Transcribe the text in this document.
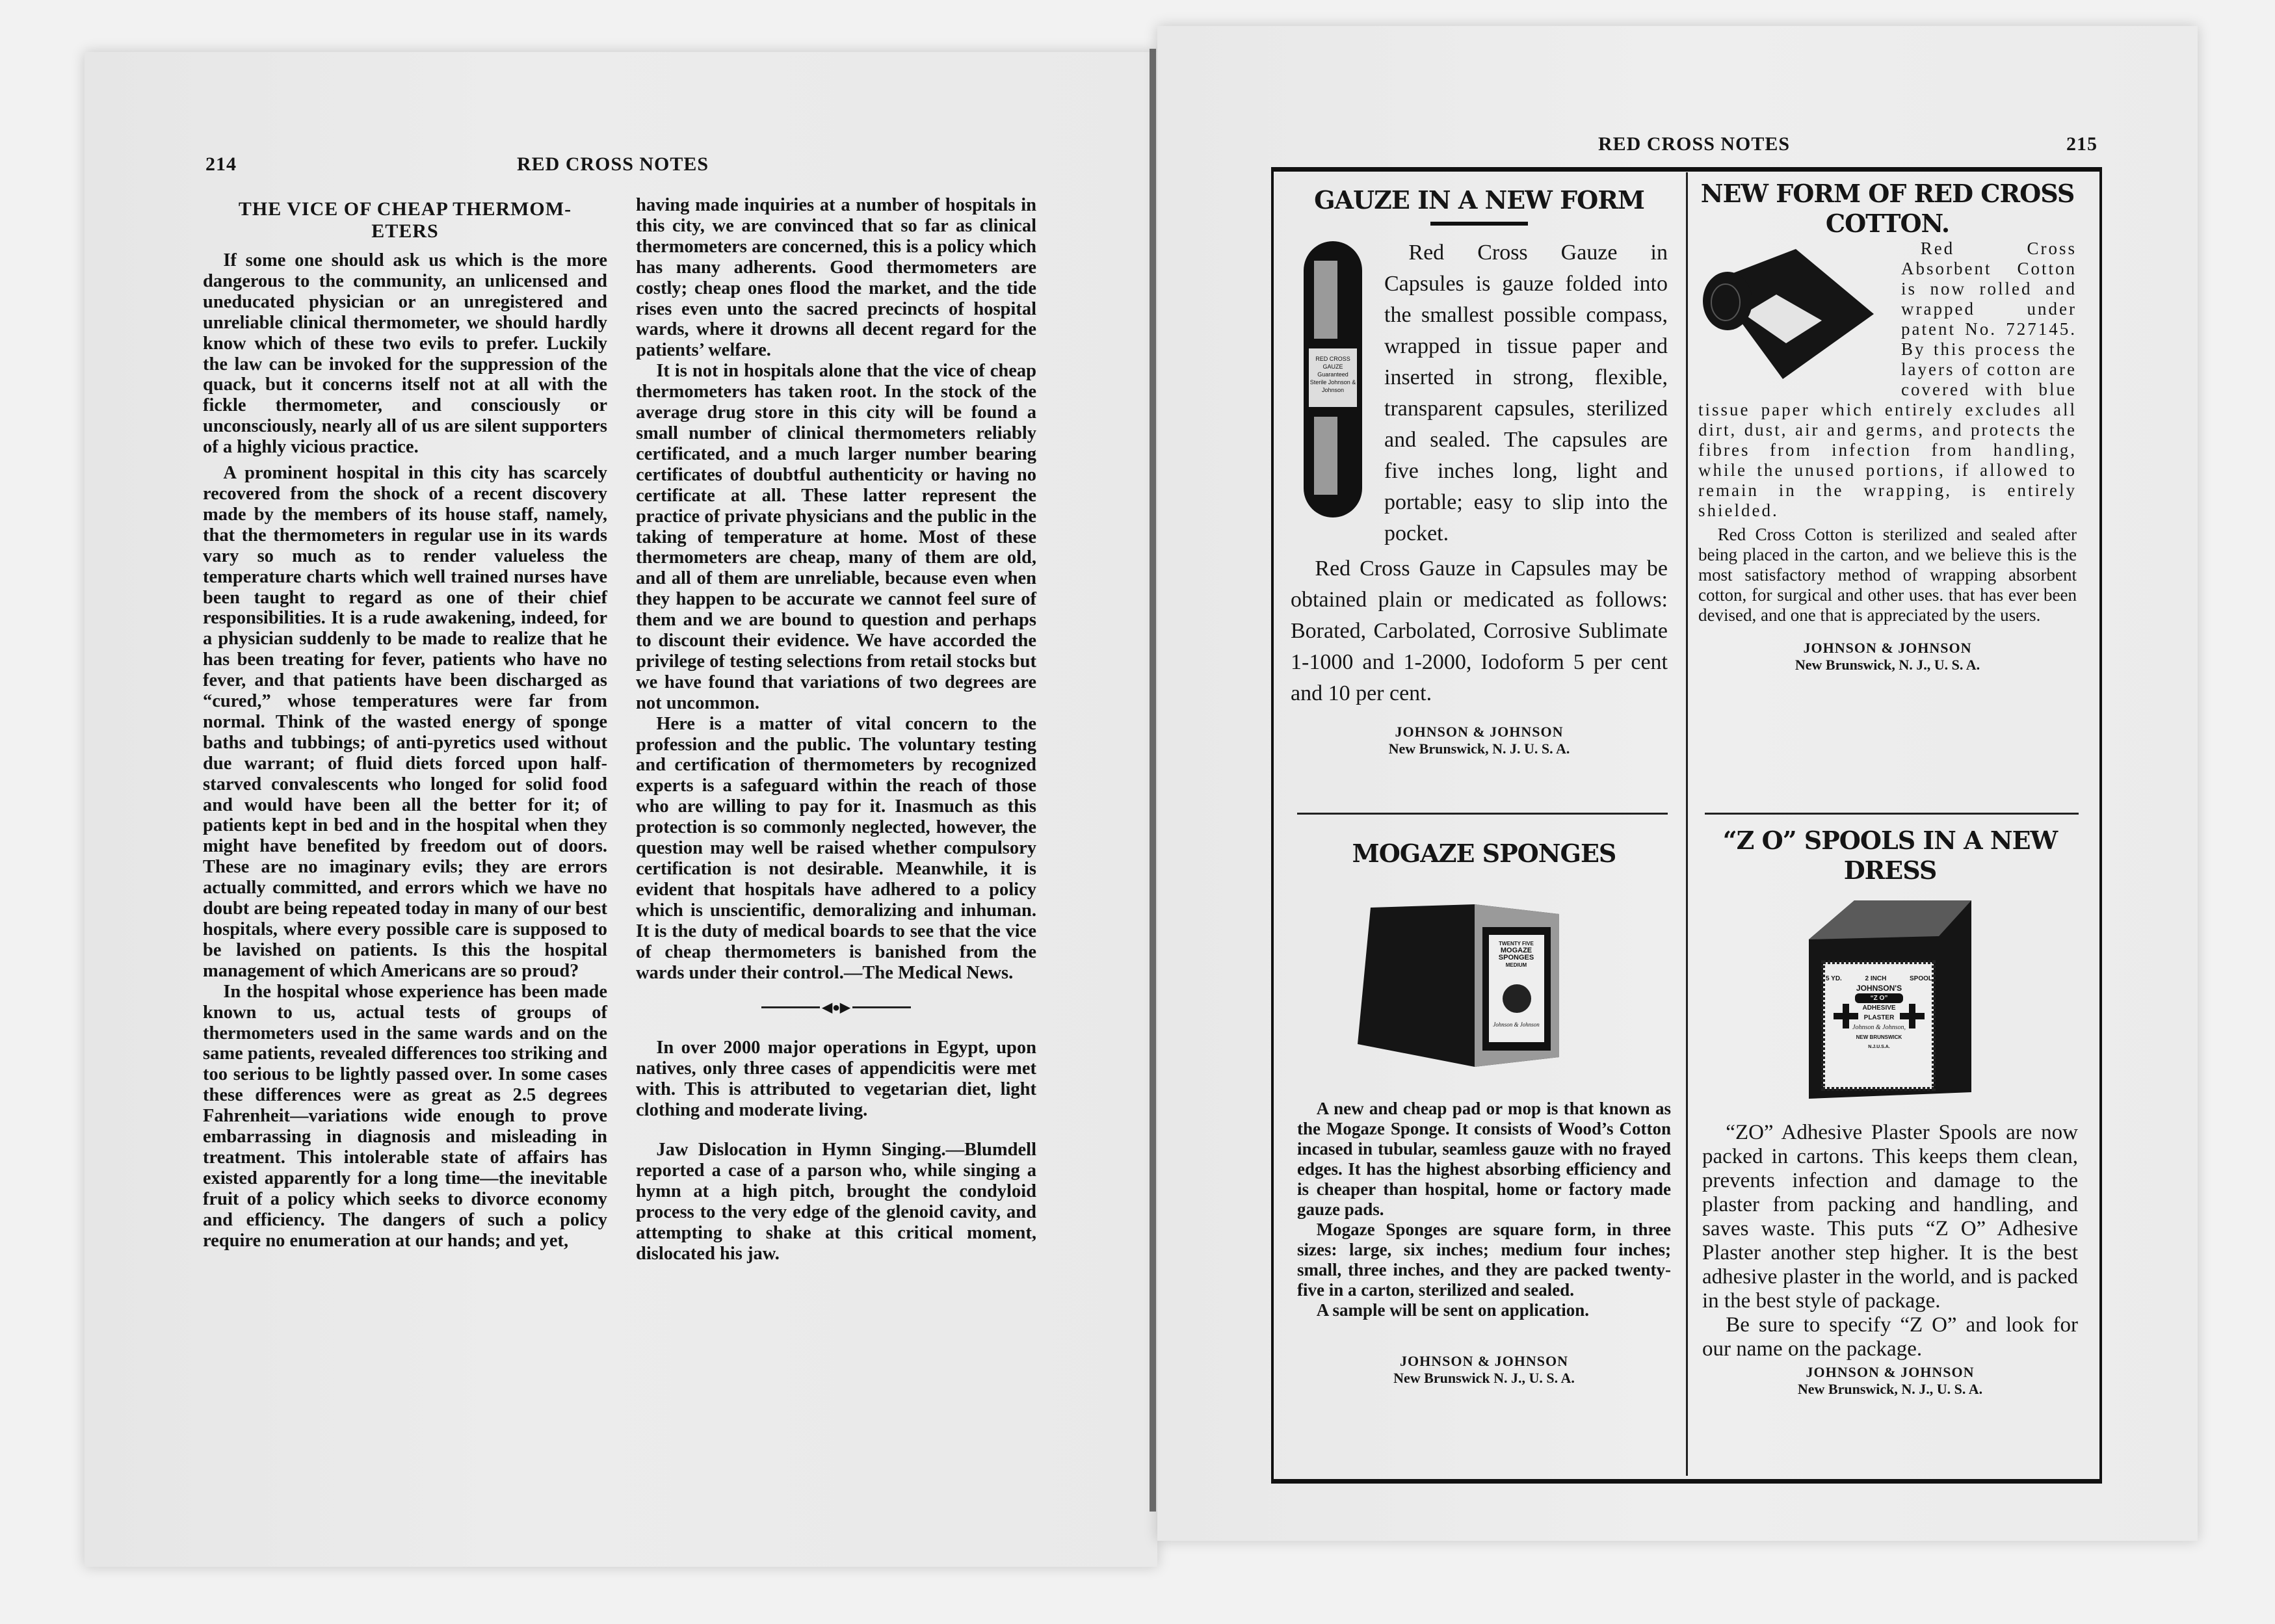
214	RED CROSS NOTES
THE VICE OF CHEAP THERMOM-
ETERS

If some one should ask us which is the more dangerous to the community, an unlicensed and uneducated physician or an unregistered and unreliable clinical thermometer, we should hardly know which of these two evils to prefer. Luckily the law can be invoked for the suppression of the quack, but it concerns itself not at all with the fickle thermometer, and consciously or unconsciously, nearly all of us are silent supporters of a highly vicious practice.

A prominent hospital in this city has scarcely recovered from the shock of a recent discovery made by the members of its house staff, namely, that the thermometers in regular use in its wards vary so much as to render valueless the temperature charts which well trained nurses have been taught to regard as one of their chief responsibilities. It is a rude awakening, indeed, for a physician suddenly to be made to realize that he has been treating for fever, patients who have no fever, and that patients have been discharged as “cured,” whose temperatures were far from normal. Think of the wasted energy of sponge baths and tubbings; of anti-pyretics used without due warrant; of fluid diets forced upon half-starved convalescents who longed for solid food and would have been all the better for it; of patients kept in bed and in the hospital when they might have benefited by freedom out of doors. These are no imaginary evils; they are errors actually committed, and errors which we have no doubt are being repeated today in many of our best hospitals, where every possible care is supposed to be lavished on patients. Is this the hospital management of which Americans are so proud?

In the hospital whose experience has been made known to us, actual tests of groups of thermometers used in the same wards and on the same patients, revealed differences too striking and too serious to be lightly passed over. In some cases these differences were as great as 2.5 degrees Fahrenheit—variations wide enough to prove embarrassing in diagnosis and misleading in treatment. This intolerable state of affairs has existed apparently for a long time—the inevitable fruit of a policy which seeks to divorce economy and efficiency. The dangers of such a policy require no enumeration at our hands; and yet,

having made inquiries at a number of hospitals in this city, we are convinced that so far as clinical thermometers are concerned, this is a policy which has many adherents. Good thermometers are costly; cheap ones flood the market, and the tide rises even unto the sacred precincts of hospital wards, where it drowns all decent regard for the patients’ welfare.

It is not in hospitals alone that the vice of cheap thermometers has taken root. In the stock of the average drug store in this city will be found a small number of clinical thermometers reliably certificated, and a much larger number bearing certificates of doubtful authenticity or having no certificate at all. These latter represent the practice of private physicians and the public in the taking of temperature at home. Most of these thermometers are cheap, many of them are old, and all of them are unreliable, because even when they happen to be accurate we cannot feel sure of them and we are bound to question and perhaps to discount their evidence. We have accorded the privilege of testing selections from retail stocks but we have found that variations of two degrees are not uncommon.

Here is a matter of vital concern to the profession and the public. The voluntary testing and certification of thermometers by recognized experts is a safeguard within the reach of those who are willing to pay for it. Inasmuch as this protection is so commonly neglected, however, the question may well be raised whether compulsory certification is not desirable. Meanwhile, it is evident that hospitals have adhered to a policy which is unscientific, demoralizing and inhuman. It is the duty of medical boards to see that the vice of cheap thermometers is banished from the wards under their control.—The Medical News.

◀●▶

In over 2000 major operations in Egypt, upon natives, only three cases of appendicitis were met with. This is attributed to vegetarian diet, light clothing and moderate living.

Jaw Dislocation in Hymn Singing.—Blumdell reported a case of a parson who, while singing a hymn at a high pitch, brought the condyloid process to the very edge of the glenoid cavity, and attempting to shake at this critical moment, dislocated his jaw.

RED CROSS NOTES	215
GAUZE IN A NEW FORM
RED CROSS GAUZE
Guaranteed Sterile Johnson & Johnson

Red Cross Gauze in Capsules is gauze folded into the smallest possible compass, wrapped in tissue paper and inserted in strong, flexible, transparent capsules, sterilized and sealed. The capsules are five inches long, light and portable; easy to slip into the pocket.

Red Cross Gauze in Capsules may be obtained plain or medicated as follows: Borated, Carbolated, Corrosive Sublimate 1-1000 and 1-2000, Iodoform 5 per cent and 10 per cent.

JOHNSON & JOHNSON
New Brunswick, N. J. U. S. A.
NEW FORM OF RED CROSS
COTTON.

Red Cross Absorbent Cotton is now rolled and wrapped under patent No. 727145. By this process the layers of cotton are covered with blue tissue paper which entirely excludes all dirt, dust, air and germs, and protects the fibres from infection from handling, while the unused portions, if allowed to remain in the wrapping, is entirely shielded.

Red Cross Cotton is sterilized and sealed after being placed in the carton, and we believe this is the most satisfactory method of wrapping absorbent cotton, for surgical and other uses. that has ever been devised, and one that is appreciated by the users.

JOHNSON & JOHNSON
New Brunswick, N. J., U. S. A.
MOGAZE SPONGES
TWENTY FIVE
MOGAZE SPONGES
MEDIUM
Johnson & Johnson

A new and cheap pad or mop is that known as the Mogaze Sponge. It consists of Wood’s Cotton incased in tubular, seamless gauze with no frayed edges. It has the highest absorbing efficiency and is cheaper than hospital, home or factory made gauze pads.

Mogaze Sponges are square form, in three sizes: large, six inches; medium four inches; small, three inches, and they are packed twenty-five in a carton, sterilized and sealed.

A sample will be sent on application.

JOHNSON & JOHNSON
New Brunswick N. J., U. S. A.
“Z O” SPOOLS IN A NEW
DRESS
5 YD.	2 INCH	SPOOL
JOHNSON'S
“Z O”
ADHESIVE
PLASTER
Johnson & Johnson,
NEW BRUNSWICK
N.J.U.S.A.

“ZO” Adhesive Plaster Spools are now packed in cartons. This keeps them clean, prevents infection and damage to the plaster from packing and handling, and saves waste. This puts “Z O” Adhesive Plaster another step higher. It is the best adhesive plaster in the world, and is packed in the best style of package.

Be sure to specify “Z O” and look for our name on the package.

JOHNSON & JOHNSON
New Brunswick, N. J., U. S. A.
